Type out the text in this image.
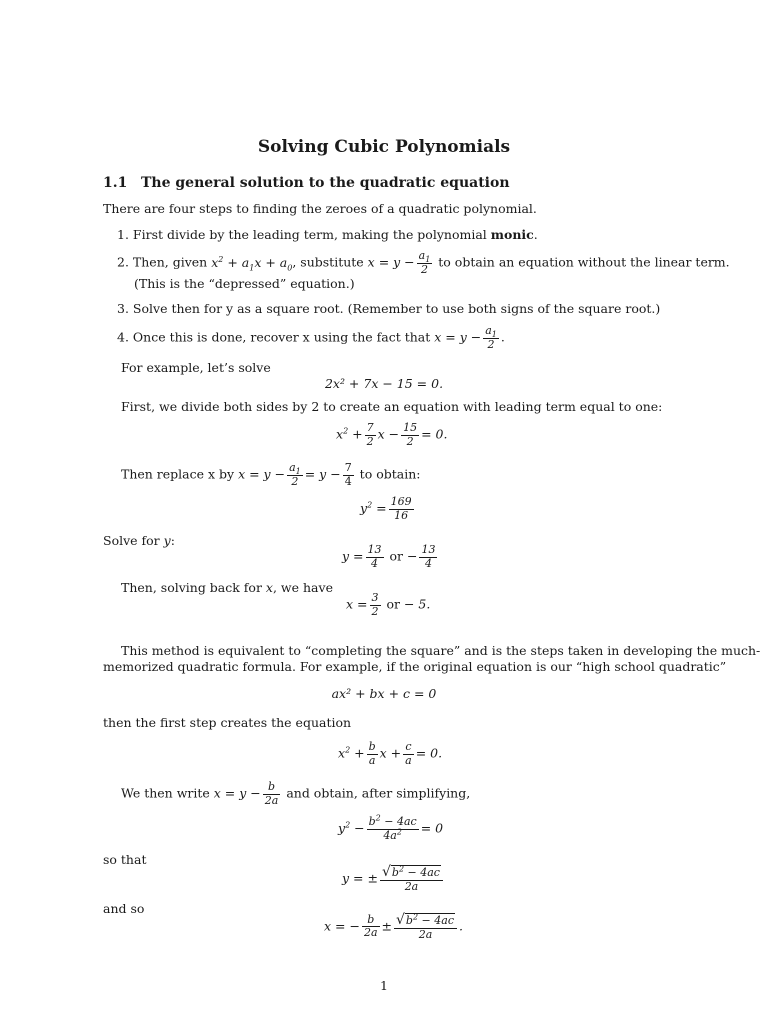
Solving Cubic Polynomials
1.1 The general solution to the quadratic equation
There are four steps to finding the zeroes of a quadratic polynomial.
1. First divide by the leading term, making the polynomial monic.
2. Then, given $x^2 + a_1x + a_0$, substitute $x = y - \frac{a_1}{2}$ to obtain an equation without the linear term.
(This is the “depressed” equation.)
3. Solve then for y as a square root. (Remember to use both signs of the square root.)
4. Once this is done, recover x using the fact that $x = y - \frac{a_1}{2}$ .
For example, let’s solve
2x² + 7x − 15 = 0.
First, we divide both sides by 2 to create an equation with leading term equal to one:
$x^2 + \frac{7}{2}$ $x - \frac{15}{2} = 0$.
Then replace x by $x = y - \frac{a_1}{2} = y - \frac{7}{4}$ to obtain:
$y^2 = \frac{169}{16}$
Solve for y:
$y = \frac{13}{4}$ or − $\frac{13}{4}$
Then, solving back for x, we have
$x = \frac{3}{2}$ or − 5.
This method is equivalent to “completing the square” and is the steps taken in developing the much-
memorized quadratic formula. For example, if the original equation is our “high school quadratic”
ax² + bx + c = 0
then the first step creates the equation
$x^2 + \frac{b}{a}$ $x + \frac{c}{a} = 0$.
We then write $x = y - \frac{b}{2a}$ and obtain, after simplifying,
$y^2 - \frac{b^2 - 4ac}{4a^2} = 0$
so that
y = ± $\frac{√b^2 - 4ac}{2a}$
and so
x = − $\frac{b}{2a} \pm \frac{√b^2 - 4ac}{2a}$ .
1
